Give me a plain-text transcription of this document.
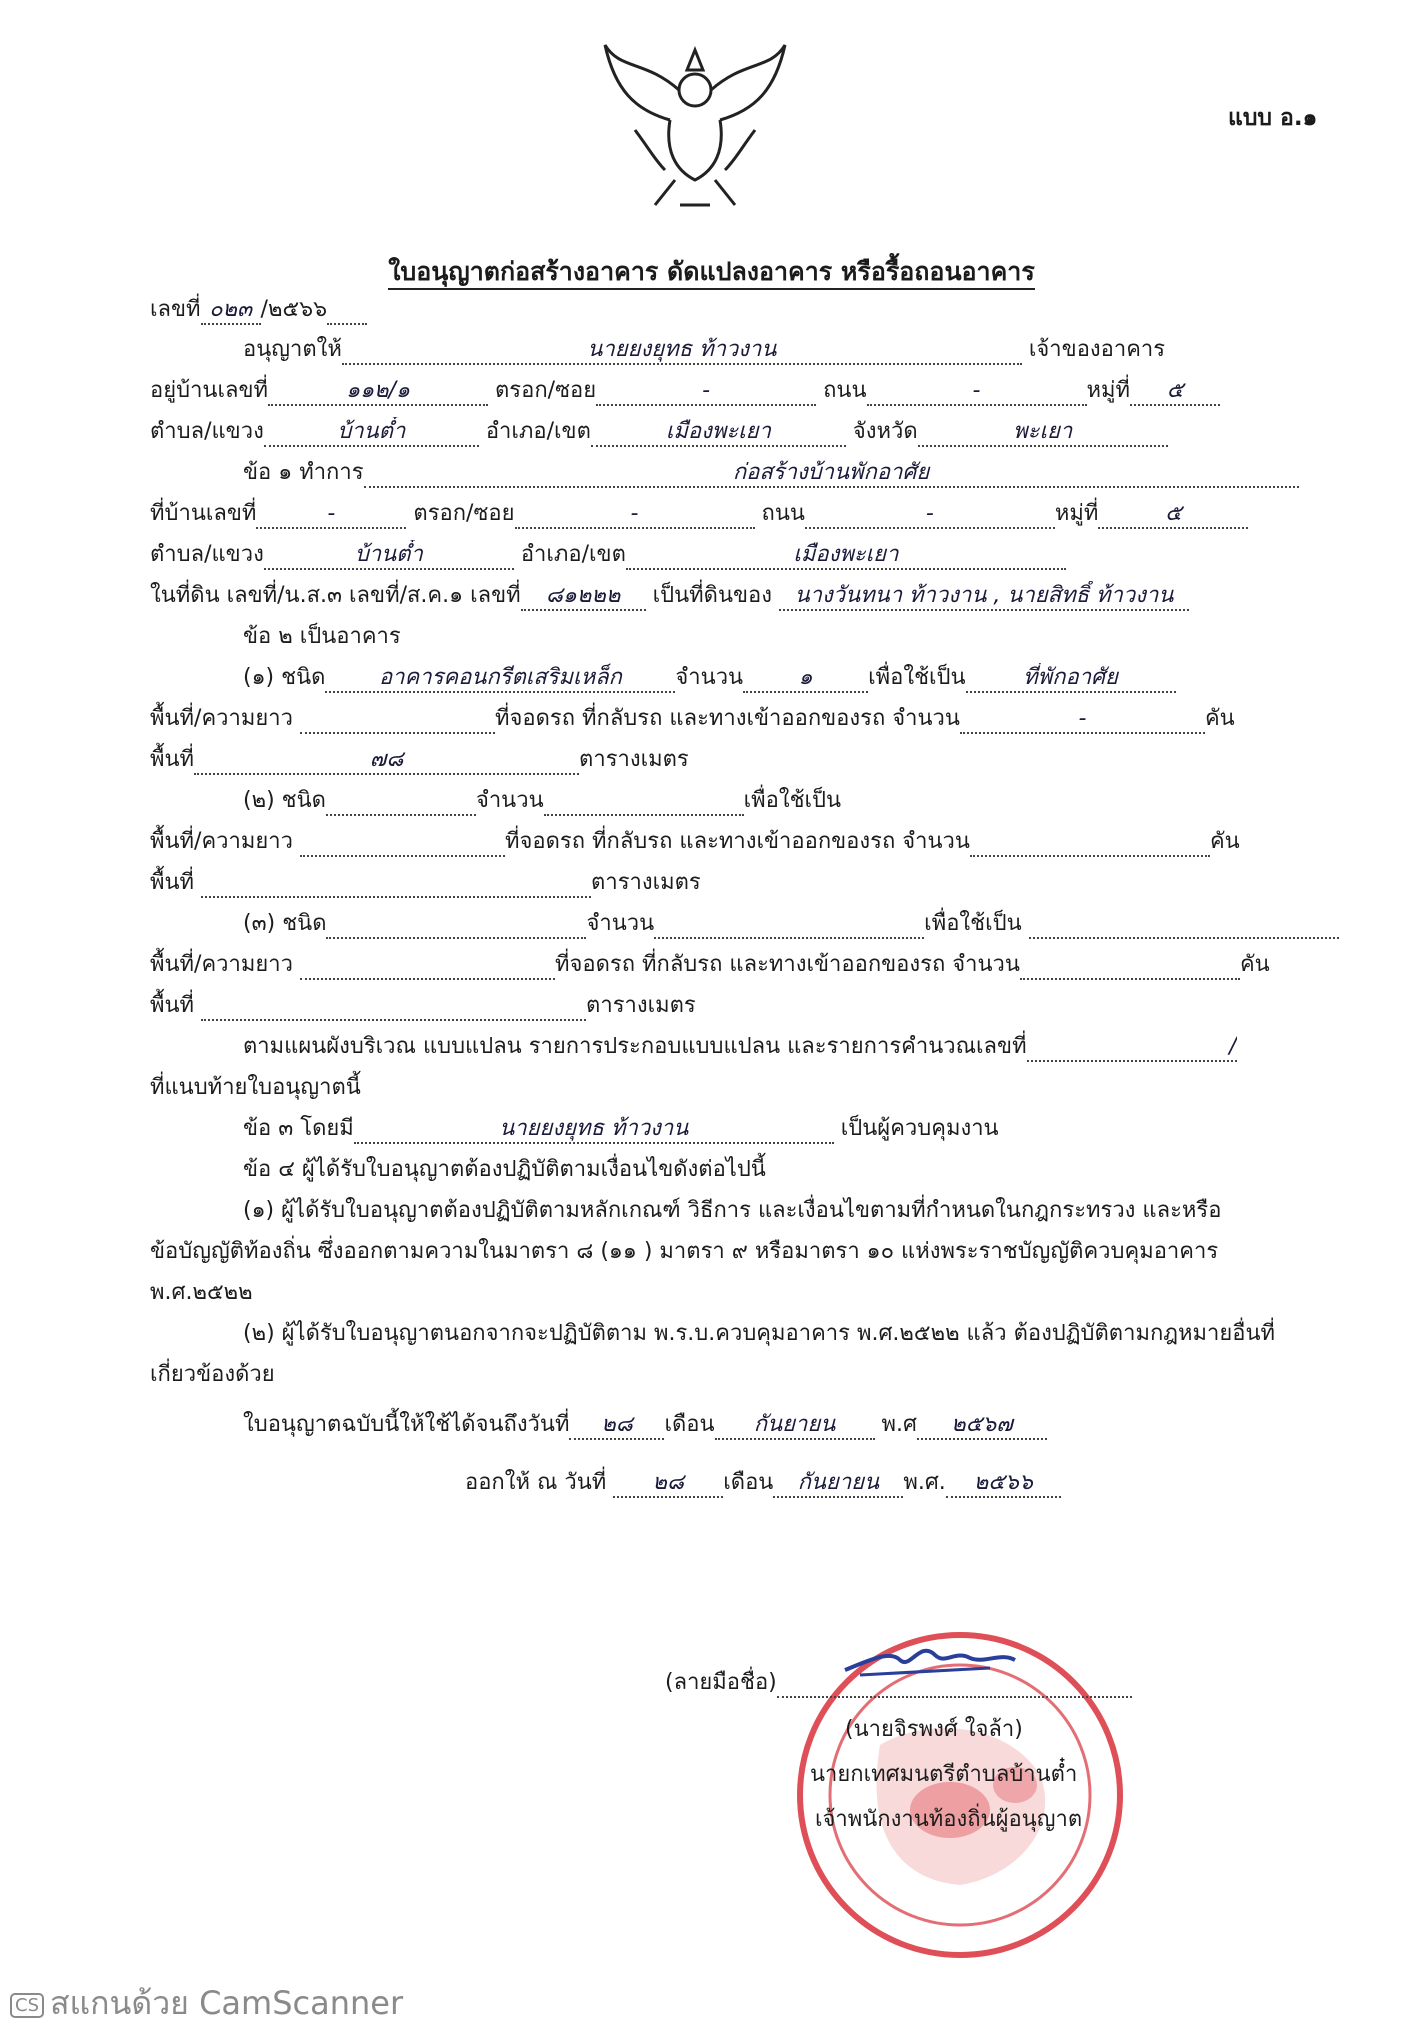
แบบ อ.๑
ใบอนุญาตก่อสร้างอาคาร ดัดแปลงอาคาร หรือรื้อถอนอาคาร
เลขที่ ๐๒๓ /๒๕๖๖
อนุญาตให้	นายยงยุทธ ท้าวงาน	เจ้าของอาคาร
อยู่บ้านเลขที่	๑๑๒/๑	ตรอก/ซอย	-	ถนน	-	หมู่ที่ ๕
ตำบล/แขวง	บ้านต๋ำ	อำเภอ/เขต	เมืองพะเยา	จังหวัด	พะเยา
ข้อ ๑ ทำการ	ก่อสร้างบ้านพักอาศัย
ที่บ้านเลขที่	-	ตรอก/ซอย	-	ถนน	-	หมู่ที่	๕
ตำบล/แขวง	บ้านต๋ำ	อำเภอ/เขต	เมืองพะเยา
ในที่ดิน เลขที่/น.ส.๓ เลขที่/ส.ค.๑ เลขที่ ๘๑๒๒๒ เป็นที่ดินของ นางวันทนา ท้าวงาน , นายสิทธิ์ ท้าวงาน
ข้อ ๒ เป็นอาคาร
(๑) ชนิด อาคารคอนกรีตเสริมเหล็ก จำนวน	๑	เพื่อใช้เป็น	ที่พักอาศัย
พื้นที่/ความยาว	ที่จอดรถ ที่กลับรถ และทางเข้าออกของรถ จำนวน	-	คัน
พื้นที่	๗๘	ตารางเมตร
(๒) ชนิด	จำนวน	เพื่อใช้เป็น
พื้นที่/ความยาว	ที่จอดรถ ที่กลับรถ และทางเข้าออกของรถ จำนวน	คัน
พื้นที่	ตารางเมตร
(๓) ชนิด	จำนวน	เพื่อใช้เป็น
พื้นที่/ความยาว	ที่จอดรถ ที่กลับรถ และทางเข้าออกของรถ จำนวน	คัน
พื้นที่	ตารางเมตร
ตามแผนผังบริเวณ แบบแปลน รายการประกอบแบบแปลน และรายการคำนวณเลขที่	/
ที่แนบท้ายใบอนุญาตนี้
ข้อ ๓ โดยมี	นายยงยุทธ ท้าวงาน	เป็นผู้ควบคุมงาน
ข้อ ๔ ผู้ได้รับใบอนุญาตต้องปฏิบัติตามเงื่อนไขดังต่อไปนี้
(๑) ผู้ได้รับใบอนุญาตต้องปฏิบัติตามหลักเกณฑ์ วิธีการ และเงื่อนไขตามที่กำหนดในกฎกระทรวง และหรือ
ข้อบัญญัติท้องถิ่น ซึ่งออกตามความในมาตรา ๘ (๑๑ ) มาตรา ๙ หรือมาตรา ๑๐ แห่งพระราชบัญญัติควบคุมอาคาร
พ.ศ.๒๕๒๒
(๒) ผู้ได้รับใบอนุญาตนอกจากจะปฏิบัติตาม พ.ร.บ.ควบคุมอาคาร พ.ศ.๒๕๒๒ แล้ว ต้องปฏิบัติตามกฎหมายอื่นที่
เกี่ยวข้องด้วย
ใบอนุญาตฉบับนี้ให้ใช้ได้จนถึงวันที่ ๒๘ เดือน กันยายน พ.ศ ๒๕๖๗
ออกให้ ณ วันที่ ๒๘ เดือน กันยายน พ.ศ. ๒๕๖๖
(ลายมือชื่อ)
(นายจิรพงศ์ ใจล้า)
นายกเทศมนตรีตำบลบ้านต๋ำ
เจ้าพนักงานท้องถิ่นผู้อนุญาต
CS สแกนด้วย CamScanner
